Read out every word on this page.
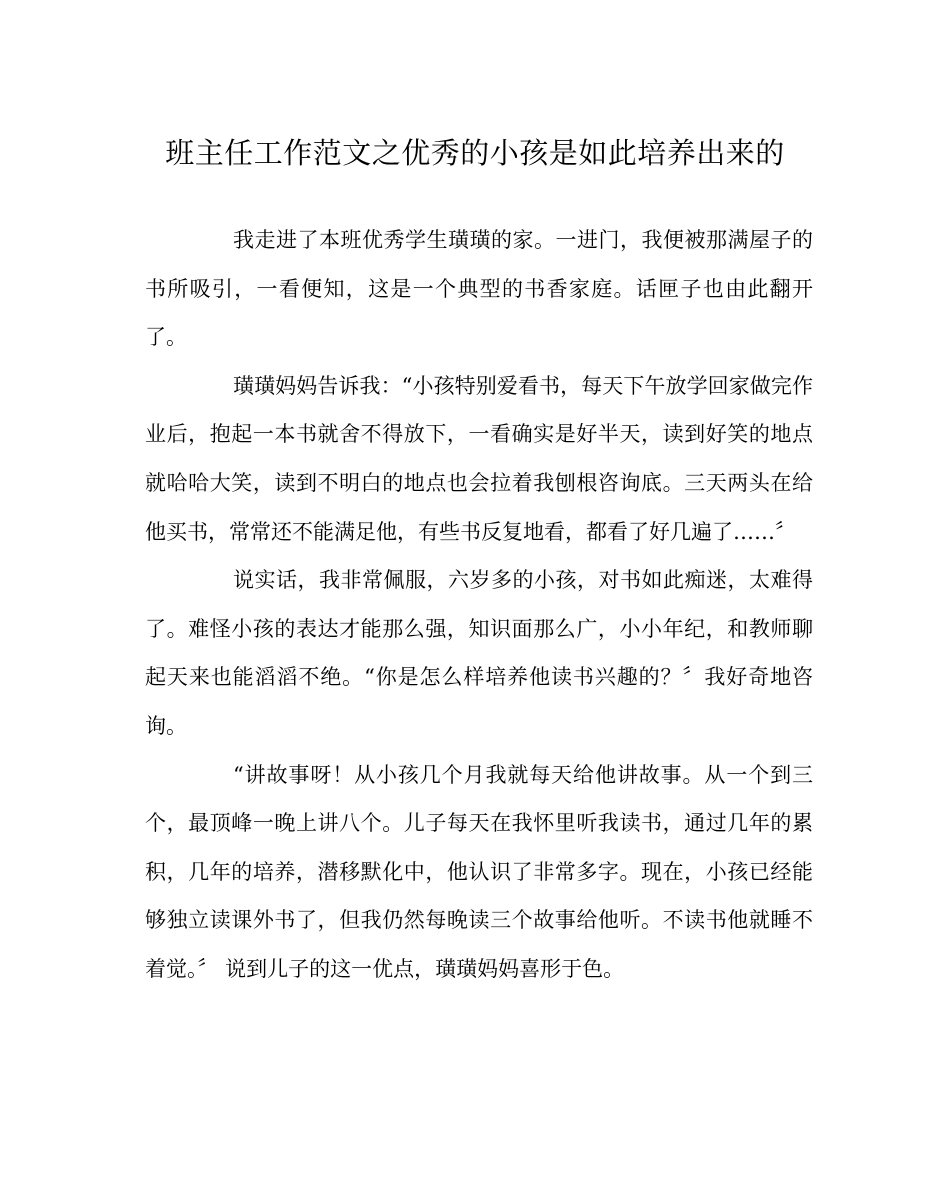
班主任工作范文之优秀的小孩是如此培养出来的

我走进了本班优秀学生璜璜的家。一进门，我便被那满屋子的书所吸引，一看便知，这是一个典型的书香家庭。话匣子也由此翻开了。

璜璜妈妈告诉我：“小孩特别爱看书，每天下午放学回家做完作业后，抱起一本书就舍不得放下，一看确实是好半天，读到好笑的地点就哈哈大笑，读到不明白的地点也会拉着我刨根咨询底。三天两头在给他买书，常常还不能满足他，有些书反复地看，都看了好几遍了……〞

说实话，我非常佩服，六岁多的小孩，对书如此痴迷，太难得了。难怪小孩的表达才能那么强，知识面那么广，小小年纪，和教师聊起天来也能滔滔不绝。“你是怎么样培养他读书兴趣的？〞我好奇地咨询。

“讲故事呀！从小孩几个月我就每天给他讲故事。从一个到三个，最顶峰一晚上讲八个。儿子每天在我怀里听我读书，通过几年的累积，几年的培养，潜移默化中，他认识了非常多字。现在，小孩已经能够独立读课外书了，但我仍然每晚读三个故事给他听。不读书他就睡不着觉。〞 说到儿子的这一优点，璜璜妈妈喜形于色。
